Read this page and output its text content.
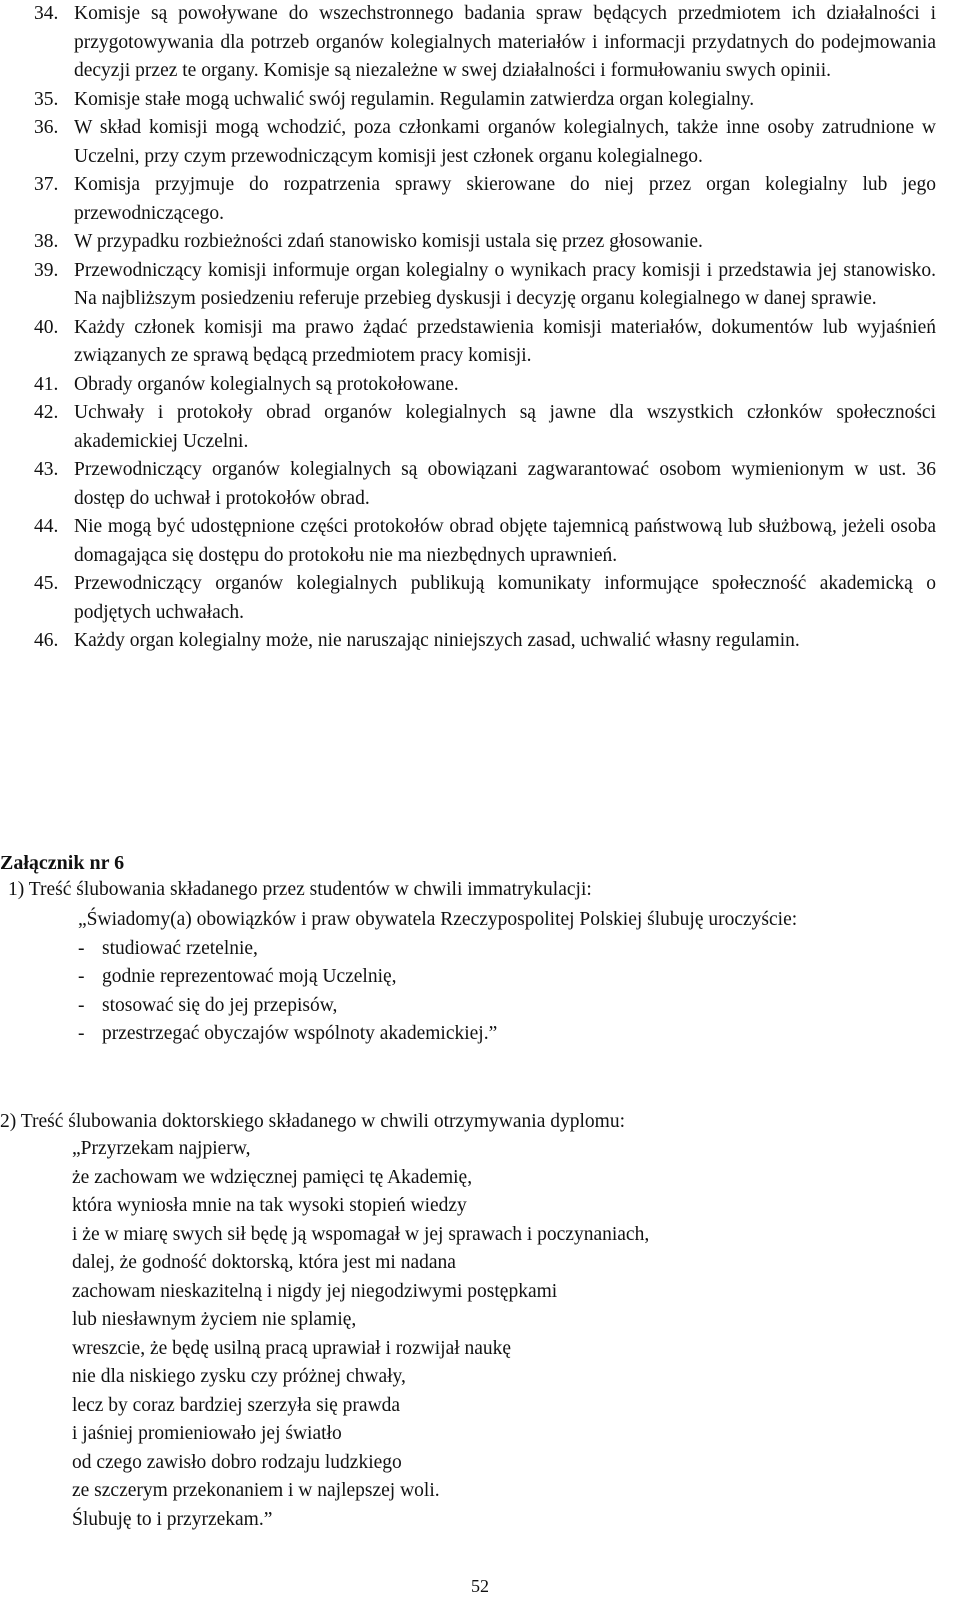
34. Komisje są powoływane do wszechstronnego badania spraw będących przedmiotem ich działalności i przygotowywania dla potrzeb organów kolegialnych materiałów i informacji przydatnych do podejmowania decyzji przez te organy. Komisje są niezależne w swej działalności i formułowaniu swych opinii.
35. Komisje stałe mogą uchwalić swój regulamin. Regulamin zatwierdza organ kolegialny.
36. W skład komisji mogą wchodzić, poza członkami organów kolegialnych, także inne osoby zatrudnione w Uczelni, przy czym przewodniczącym komisji jest członek organu kolegialnego.
37. Komisja przyjmuje do rozpatrzenia sprawy skierowane do niej przez organ kolegialny lub jego przewodniczącego.
38. W przypadku rozbieżności zdań stanowisko komisji ustala się przez głosowanie.
39. Przewodniczący komisji informuje organ kolegialny o wynikach pracy komisji i przedstawia jej stanowisko. Na najbliższym posiedzeniu referuje przebieg dyskusji i decyzję organu kolegialnego w danej sprawie.
40. Każdy członek komisji ma prawo żądać przedstawienia komisji materiałów, dokumentów lub wyjaśnień związanych ze sprawą będącą przedmiotem pracy komisji.
41. Obrady organów kolegialnych są protokołowane.
42. Uchwały i protokoły obrad organów kolegialnych są jawne dla wszystkich członków społeczności akademickiej Uczelni.
43. Przewodniczący organów kolegialnych są obowiązani zagwarantować osobom wymienionym w ust. 36 dostęp do uchwał i protokołów obrad.
44. Nie mogą być udostępnione części protokołów obrad objęte tajemnicą państwową lub służbową, jeżeli osoba domagająca się dostępu do protokołu nie ma niezbędnych uprawnień.
45. Przewodniczący organów kolegialnych publikują komunikaty informujące społeczność akademicką o podjętych uchwałach.
46. Każdy organ kolegialny może, nie naruszając niniejszych zasad, uchwalić własny regulamin.
Załącznik nr 6
1) Treść ślubowania składanego przez studentów w chwili immatrykulacji:

„Świadomy(a) obowiązków i praw obywatela Rzeczypospolitej Polskiej ślubuję uroczyście:

- studiować rzetelnie,
- godnie reprezentować moją Uczelnię,
- stosować się do jej przepisów,
- przestrzegać obyczajów wspólnoty akademickiej.”
2) Treść ślubowania doktorskiego składanego w chwili otrzymywania dyplomu:
„Przyrzekam najpierw,
że zachowam we wdzięcznej pamięci tę Akademię,
która wyniosła mnie na tak wysoki stopień wiedzy
i że w miarę swych sił będę ją wspomagał w jej sprawach i poczynaniach,
dalej, że godność doktorską, która jest mi nadana
zachowam nieskazitelną i nigdy jej niegodziwymi postępkami
lub niesławnym życiem nie splamię,
wreszcie, że będę usilną pracą uprawiał i rozwijał naukę
nie dla niskiego zysku czy próżnej chwały,
lecz by coraz bardziej szerzyła się prawda
i jaśniej promieniowało jej światło
od czego zawisło dobro rodzaju ludzkiego
ze szczerym przekonaniem i w najlepszej woli.
Ślubuję to i przyrzekam.”
52
